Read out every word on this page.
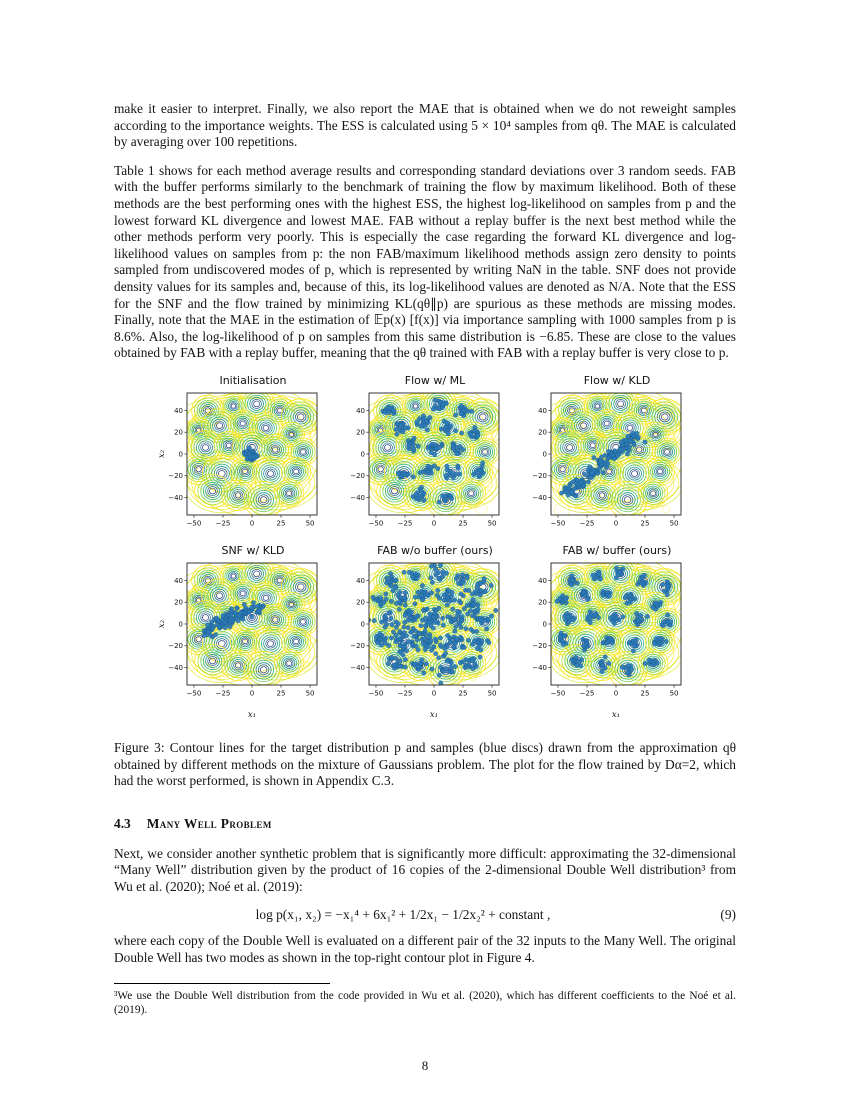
make it easier to interpret. Finally, we also report the MAE that is obtained when we do not reweight samples according to the importance weights. The ESS is calculated using 5 × 10⁴ samples from qθ. The MAE is calculated by averaging over 100 repetitions.

Table 1 shows for each method average results and corresponding standard deviations over 3 random seeds. FAB with the buffer performs similarly to the benchmark of training the flow by maximum likelihood. Both of these methods are the best performing ones with the highest ESS, the highest log-likelihood on samples from p and the lowest forward KL divergence and lowest MAE. FAB without a replay buffer is the next best method while the other methods perform very poorly. This is especially the case regarding the forward KL divergence and log-likelihood values on samples from p: the non FAB/maximum likelihood methods assign zero density to points sampled from undiscovered modes of p, which is represented by writing NaN in the table. SNF does not provide density values for its samples and, because of this, its log-likelihood values are denoted as N/A. Note that the ESS for the SNF and the flow trained by minimizing KL(qθ∥p) are spurious as these methods are missing modes. Finally, note that the MAE in the estimation of 𝔼p(x) [f(x)] via importance sampling with 1000 samples from p is 8.6%. Also, the log-likelihood of p on samples from this same distribution is −6.85. These are close to the values obtained by FAB with a replay buffer, meaning that the qθ trained with FAB with a replay buffer is very close to p.

Initialisation
−50 −25	0	25	50
40
20
0
−20
−40
x₂
Flow w/ ML
−50 −25	0	25	50
40
20
0
−20
−40
Flow w/ KLD
−50 −25	0	25	50
40
20
0
−20
−40
SNF w/ KLD
−50 −25	0	25	50
40
20
0
−20
−40
x₁
x₂
FAB w/o buffer (ours)
−50 −25	0	25	50
40
20
0
−20
−40
x₁
FAB w/ buffer (ours)
−50 −25	0	25	50
40
20
0
−20
−40
x₁
Figure 3: Contour lines for the target distribution p and samples (blue discs) drawn from the approximation qθ obtained by different methods on the mixture of Gaussians problem. The plot for the flow trained by Dα=2, which had the worst performed, is shown in Appendix C.3.
4.3 Many Well Problem

Next, we consider another synthetic problem that is significantly more difficult: approximating the 32-dimensional “Many Well” distribution given by the product of 16 copies of the 2-dimensional Double Well distribution³ from Wu et al. (2020); Noé et al. (2019):

log p(x₁, x₂) = −x₁⁴ + 6x₁² + 1/2x₁ − 1/2x₂² + constant ,	(9)

where each copy of the Double Well is evaluated on a different pair of the 32 inputs to the Many Well. The original Double Well has two modes as shown in the top-right contour plot in Figure 4.

³We use the Double Well distribution from the code provided in Wu et al. (2020), which has different coefficients to the Noé et al. (2019).

8
